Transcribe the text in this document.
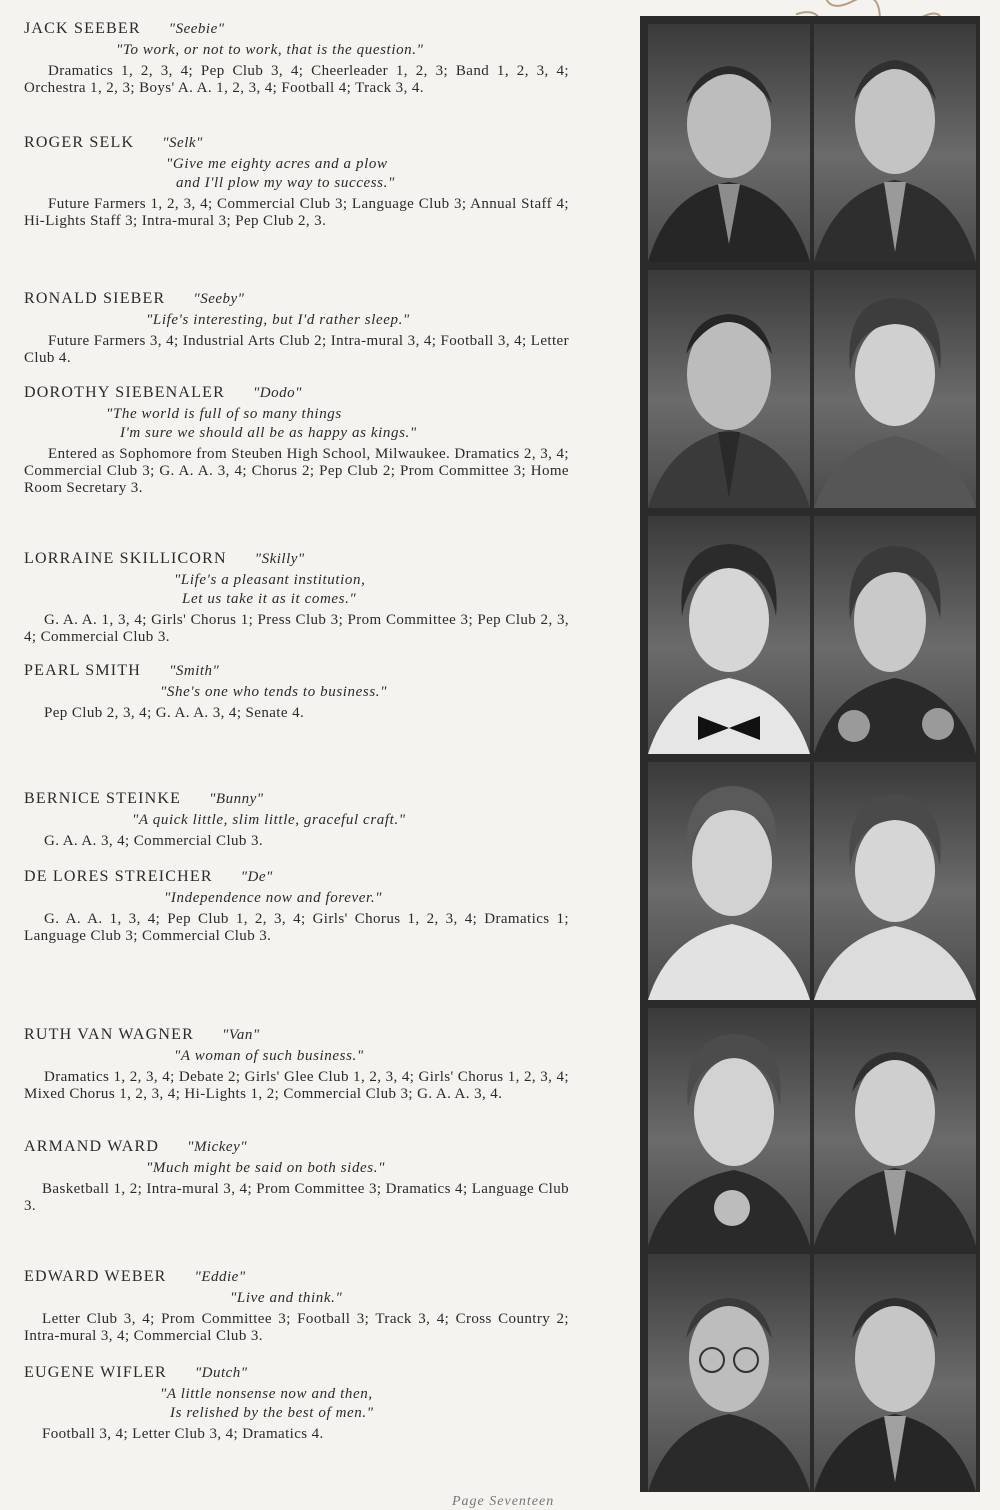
JACK SEEBER "Seebie"
"To work, or not to work, that is the question."
Dramatics 1, 2, 3, 4; Pep Club 3, 4; Cheerleader 1, 2, 3; Band 1, 2, 3, 4; Orchestra 1, 2, 3; Boys' A. A. 1, 2, 3, 4; Football 4; Track 3, 4.
ROGER SELK "Selk"
"Give me eighty acres and a plow
and I'll plow my way to success."
Future Farmers 1, 2, 3, 4; Commercial Club 3; Language Club 3; Annual Staff 4; Hi-Lights Staff 3; Intra-mural 3; Pep Club 2, 3.
RONALD SIEBER "Seeby"
"Life's interesting, but I'd rather sleep."
Future Farmers 3, 4; Industrial Arts Club 2; Intra-mural 3, 4; Football 3, 4; Letter Club 4.
DOROTHY SIEBENALER "Dodo"
"The world is full of so many things
I'm sure we should all be as happy as kings."
Entered as Sophomore from Steuben High School, Milwaukee. Dramatics 2, 3, 4; Commercial Club 3; G. A. A. 3, 4; Chorus 2; Pep Club 2; Prom Committee 3; Home Room Secretary 3.
LORRAINE SKILLICORN "Skilly"
"Life's a pleasant institution,
Let us take it as it comes."
G. A. A. 1, 3, 4; Girls' Chorus 1; Press Club 3; Prom Committee 3; Pep Club 2, 3, 4; Commercial Club 3.
PEARL SMITH "Smith"
"She's one who tends to business."
Pep Club 2, 3, 4; G. A. A. 3, 4; Senate 4.
BERNICE STEINKE "Bunny"
"A quick little, slim little, graceful craft."
G. A. A. 3, 4; Commercial Club 3.
DE LORES STREICHER "De"
"Independence now and forever."
G. A. A. 1, 3, 4; Pep Club 1, 2, 3, 4; Girls' Chorus 1, 2, 3, 4; Dramatics 1; Language Club 3; Commercial Club 3.
RUTH VAN WAGNER "Van"
"A woman of such business."
Dramatics 1, 2, 3, 4; Debate 2; Girls' Glee Club 1, 2, 3, 4; Girls' Chorus 1, 2, 3, 4; Mixed Chorus 1, 2, 3, 4; Hi-Lights 1, 2; Commercial Club 3; G. A. A. 3, 4.
ARMAND WARD "Mickey"
"Much might be said on both sides."
Basketball 1, 2; Intra-mural 3, 4; Prom Committee 3; Dramatics 4; Language Club 3.
EDWARD WEBER "Eddie"
"Live and think."
Letter Club 3, 4; Prom Committee 3; Football 3; Track 3, 4; Cross Country 2; Intra-mural 3, 4; Commercial Club 3.
EUGENE WIFLER "Dutch"
"A little nonsense now and then,
Is relished by the best of men."
Football 3, 4; Letter Club 3, 4; Dramatics 4.
Page Seventeen
